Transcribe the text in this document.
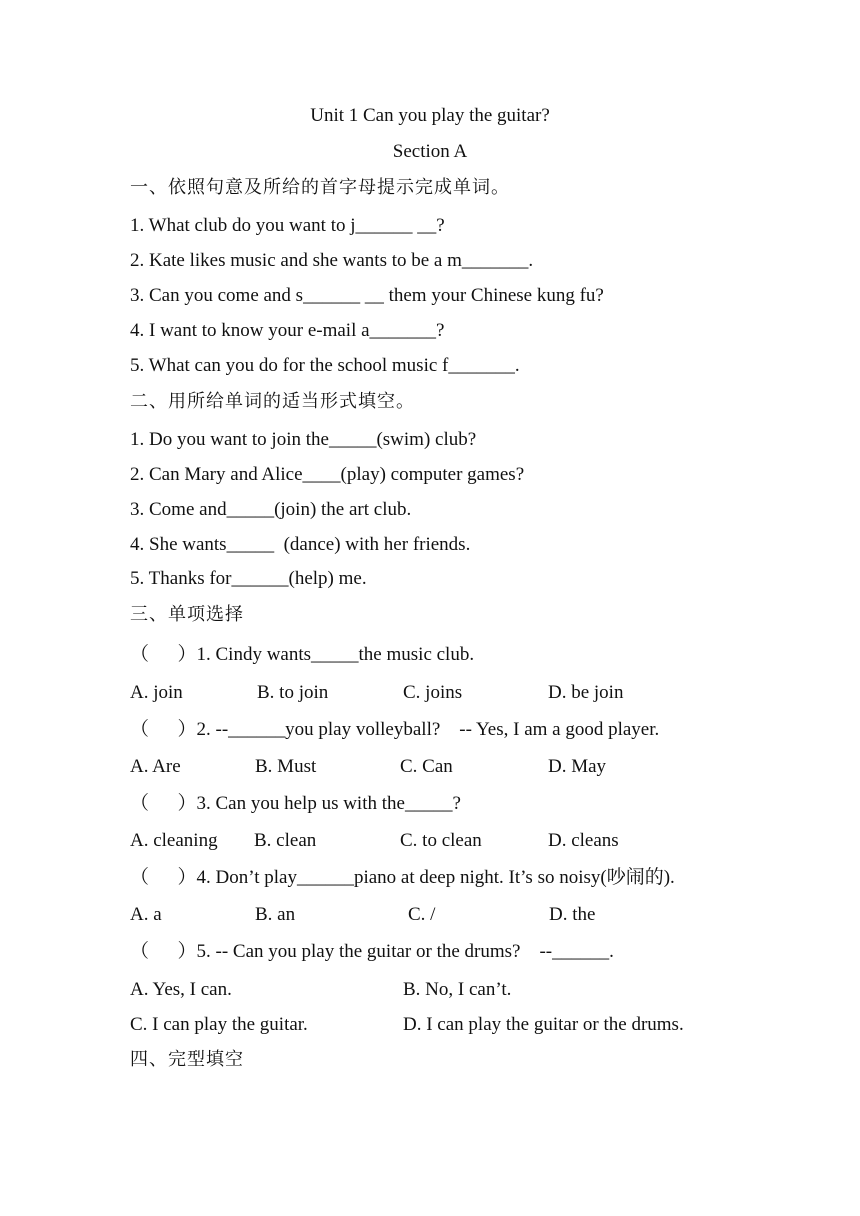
Unit 1 Can you play the guitar?
Section A
一、依照句意及所给的首字母提示完成单词。
1. What club do you want to j______ __?
2. Kate likes music and she wants to be a m_______.
3. Can you come and s______ __ them your Chinese kung fu?
4. I want to know your e-mail a_______?
5. What can you do for the school music f_______.
二、用所给单词的适当形式填空。
1. Do you want to join the_____(swim) club?
2. Can Mary and Alice____(play) computer games?
3. Come and_____(join) the art club.
4. She wants_____  (dance) with her friends.
5. Thanks for______(help) me.
三、单项选择
（      ）1. Cindy wants_____the music club.
A. join	B. to join	C. joins	D. be join
（      ）2. --______you play volleyball?    -- Yes, I am a good player.
A. Are	B. Must	C. Can	D. May
（      ）3. Can you help us with the_____?
A. cleaning B. clean	C. to clean	D. cleans
（      ）4. Don’t play______piano at deep night. It’s so noisy(吵闹的).
A. a	B. an	C. /	D. the
（      ）5. -- Can you play the guitar or the drums?    --______.
A. Yes, I can.	B. No, I can’t.
C. I can play the guitar.	D. I can play the guitar or the drums.
四、完型填空
